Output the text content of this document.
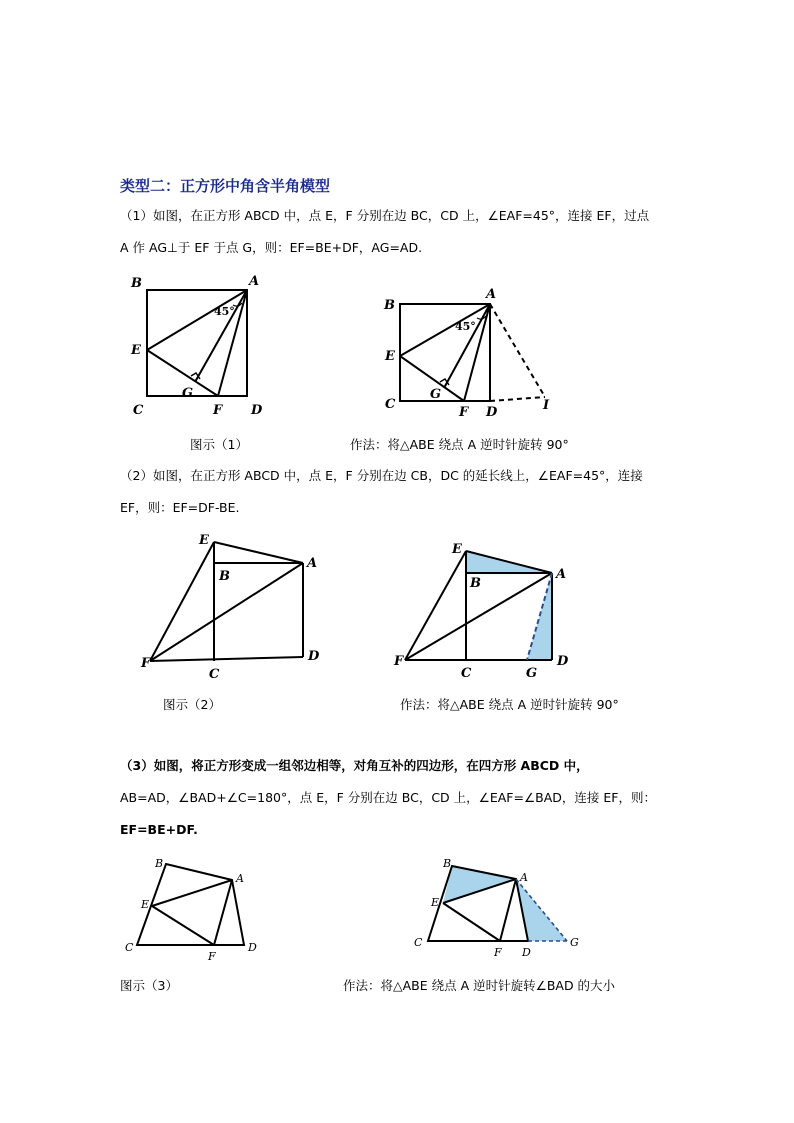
类型二：正方形中角含半角模型
（1）如图，在正方形 ABCD 中，点 E，F 分别在边 BC，CD 上，∠EAF=45°，连接 EF，过点
A 作 AG⊥于 EF 于点 G，则：EF=BE+DF，AG=AD.
图示（1）	作法：将△ABE 绕点 A 逆时针旋转 90°
（2）如图，在正方形 ABCD 中，点 E，F 分别在边 CB，DC 的延长线上，∠EAF=45°，连接
EF，则：EF=DF-BE.
图示（2）	作法：将△ABE 绕点 A 逆时针旋转 90°
（3）如图，将正方形变成一组邻边相等，对角互补的四边形，在四方形 ABCD 中，
AB=AD，∠BAD+∠C=180°，点 E，F 分别在边 BC，CD 上，∠EAF=∠BAD，连接 EF，则：
EF=BE+DF.
图示（3）	作法：将△ABE 绕点 A 逆时针旋转∠BAD 的大小
B	A
E
G
C	F D
45°	B
A
E
G
C
F D	I
45°
E
B
A
F
C
D
E
B
A
F
C	G
D
B
A
E
C
F
D
B
A
E
C
F D
G
